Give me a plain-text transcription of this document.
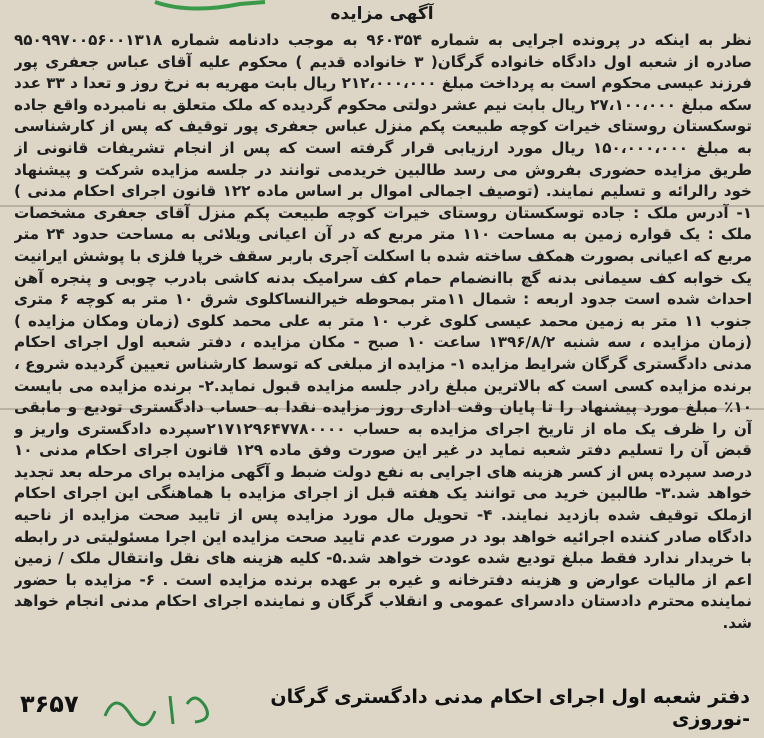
آگهی مزایده
نظر به اینکه در پرونده اجرایی به شماره ۹۶۰۳۵۴ به موجب دادنامه شماره ۹۵۰۹۹۷۰۰۵۶۰۰۱۳۱۸ صادره از شعبه اول دادگاه خانواده گرگان( ۳ خانواده قدیم ) محکوم علیه آقای عباس جعفری پور فرزند عیسی محکوم است به پرداخت مبلغ ۲۱۲،۰۰۰،۰۰۰ ریال بابت مهریه به نرخ روز و تعدا د ۳۳ عدد سکه مبلغ ۲۷،۱۰۰،۰۰۰ ریال بابت نیم عشر دولتی محکوم گردیده که ملک متعلق به نامبرده واقع جاده توسکستان روستای خیرات کوچه طبیعت پکم منزل عباس جعفری پور توقیف که پس از کارشناسی به مبلغ ۱۵۰،۰۰۰،۰۰۰ ریال مورد ارزیابی قرار گرفته است که پس از انجام تشریفات قانونی از طریق مزایده حضوری بفروش می رسد طالبین خریدمی توانند در جلسه مزایده شرکت و پیشنهاد خود رالرائه و تسلیم نمایند. (توصیف اجمالی اموال بر اساس ماده ۱۲۲ قانون اجرای احکام مدنی ) ۱- آدرس ملک : جاده توسکستان روستای خیرات کوچه طبیعت پکم منزل آقای جعفری مشخصات ملک : یک قواره زمین به مساحت ۱۱۰ متر مربع که در آن اعیانی ویلائی به مساحت حدود ۲۴ متر مربع که اعیانی بصورت همکف ساخته شده با اسکلت آجری باربر سقف خرپا فلزی با پوشش ایرانیت یک خوابه کف سیمانی بدنه گچ باانضمام حمام کف سرامیک بدنه کاشی بادرب چوبی و پنجره آهن احداث شده است جدود اربعه : شمال ۱۱متر بمحوطه خیرالنساکلوی شرق ۱۰ متر به کوچه ۶ متری جنوب ۱۱ متر به زمین محمد عیسی کلوی غرب ۱۰ متر به علی محمد کلوی (زمان ومکان مزایده ) (زمان مزایده ، سه شنبه ۱۳۹۶/۸/۲ ساعت ۱۰ صبح - مکان مزایده ، دفتر شعبه اول اجرای احکام مدنی دادگستری گرگان شرایط مزایده ۱- مزایده از مبلغی که توسط کارشناس تعیین گردیده شروع ، برنده مزایده کسی است که بالاترین مبلغ رادر جلسه مزایده قبول نماید.۲- برنده مزایده می بایست ۱۰٪ مبلغ مورد پیشنهاد را تا پایان وقت اداری روز مزایده نقدا به حساب دادگستری تودیع و مابقی آن را ظرف یک ماه از تاریخ اجرای مزایده به حساب ۲۱۷۱۲۹۶۴۷۷۸۰۰۰۰سپرده دادگستری واریز و قبض آن را تسلیم دفتر شعبه نماید در غیر این صورت وفق ماده ۱۲۹ قانون اجرای احکام مدنی ۱۰ درصد سپرده پس از کسر هزینه های اجرایی به نفع دولت ضبط و آگهی مزایده برای مرحله بعد تجدید خواهد شد.۳- طالبین خرید می توانند یک هفته قبل از اجرای مزایده با هماهنگی این اجرای احکام ازملک توقیف شده بازدید نمایند. ۴- تحویل مال مورد مزایده پس از تایید صحت مزایده از ناحیه دادگاه صادر کننده اجرائیه خواهد بود در صورت عدم تایید صحت مزایده این اجرا مسئولیتی در رابطه با خریدار ندارد فقط مبلغ تودیع شده عودت خواهد شد.۵- کلیه هزینه های نقل وانتقال ملک / زمین اعم از مالیات عوارض و هزینه دفترخانه و غیره بر عهده برنده مزایده است . ۶- مزایده با حضور نماینده محترم دادستان دادسرای عمومی و انقلاب گرگان و نماینده اجرای احکام مدنی انجام خواهد شد.
۳۶۵۷	دفتر شعبه اول اجرای احکام مدنی دادگستری گرگان -نوروزی
